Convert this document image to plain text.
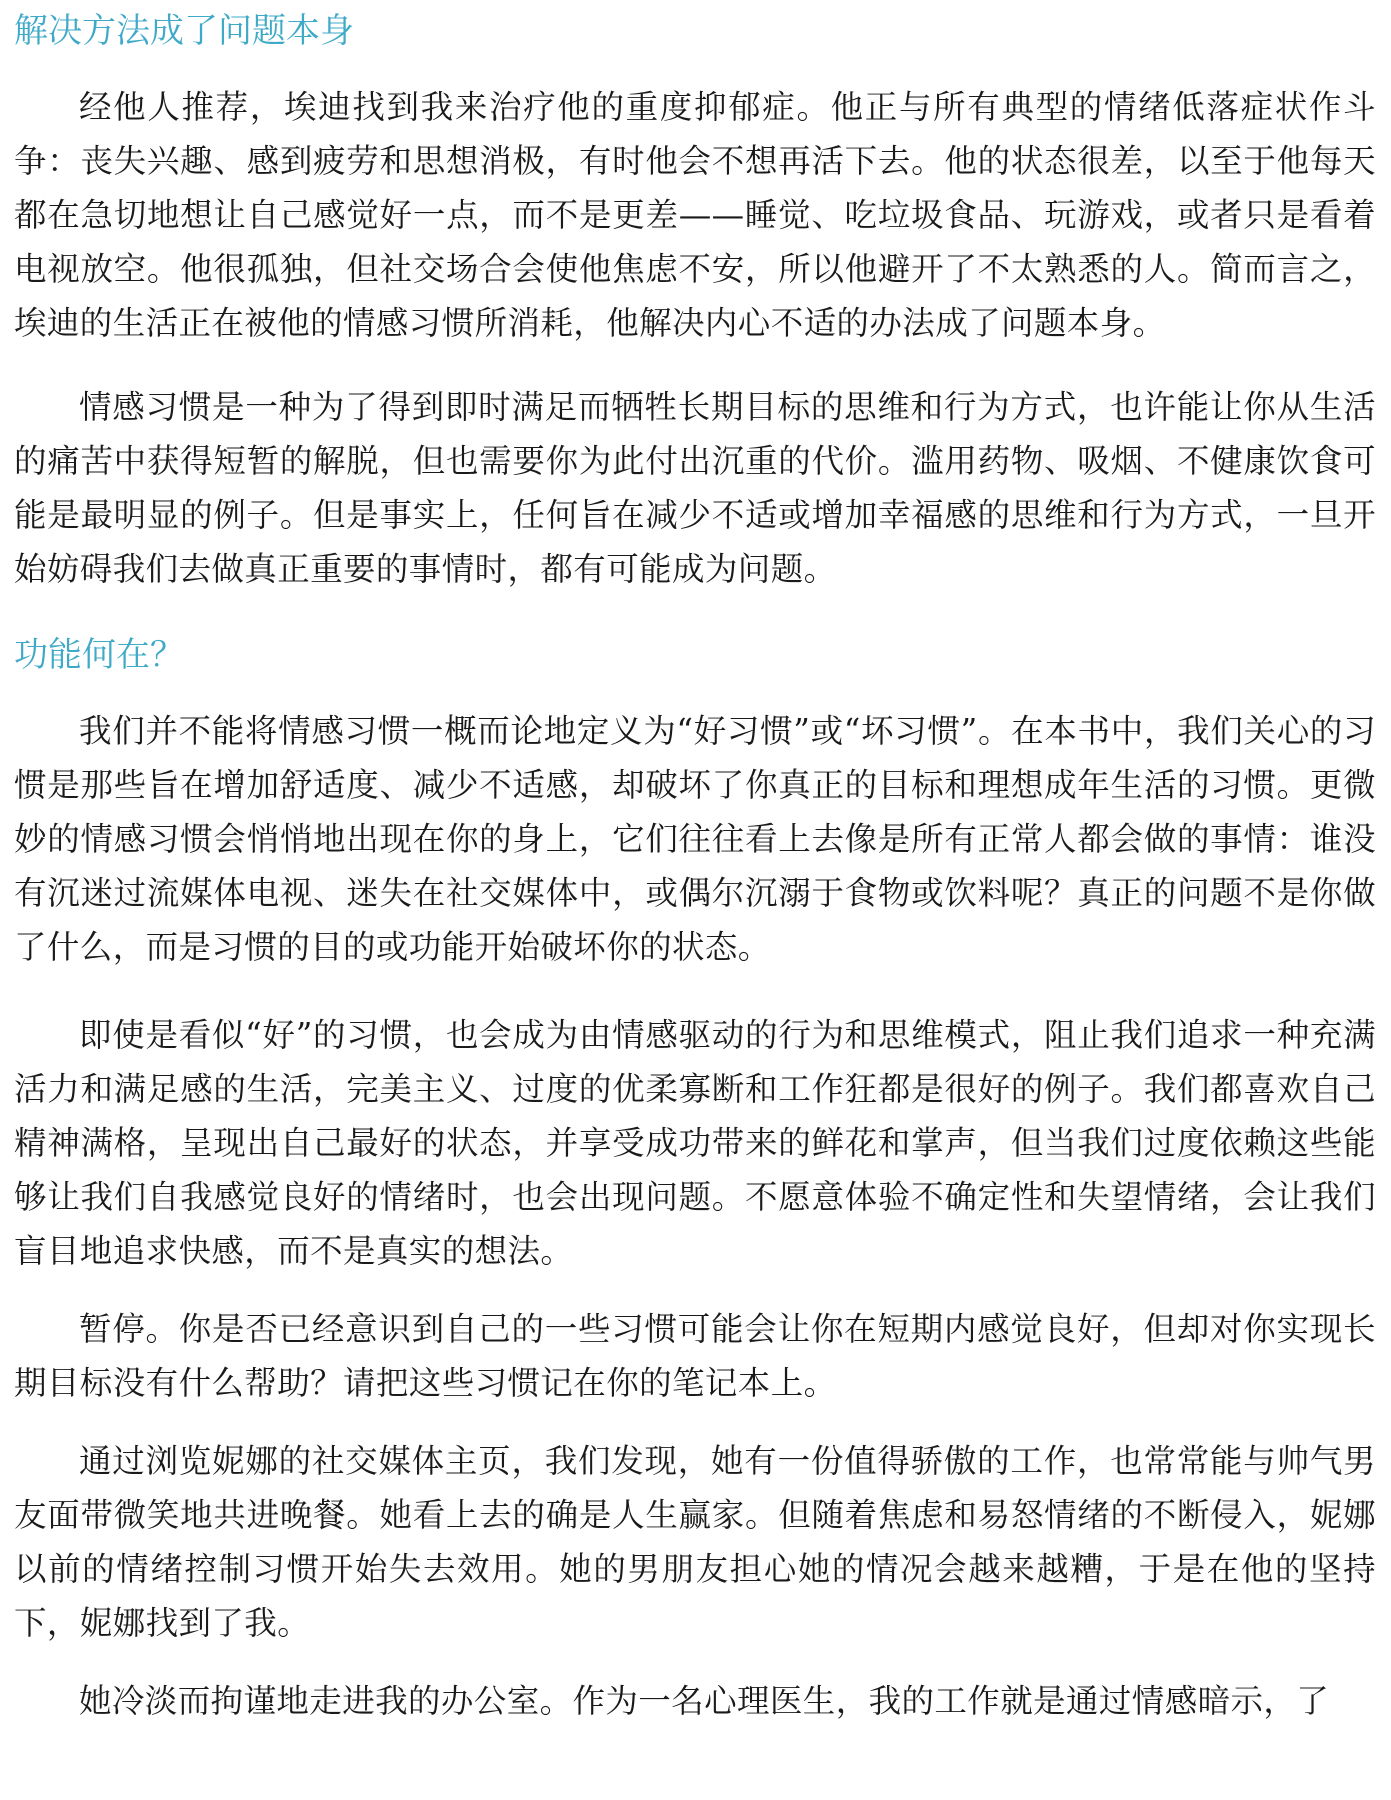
解决方法成了问题本身

经他人推荐，埃迪找到我来治疗他的重度抑郁症。他正与所有典型的情绪低落症状作斗争：丧失兴趣、感到疲劳和思想消极，有时他会不想再活下去。他的状态很差，以至于他每天都在急切地想让自己感觉好一点，而不是更差——睡觉、吃垃圾食品、玩游戏，或者只是看着电视放空。他很孤独，但社交场合会使他焦虑不安，所以他避开了不太熟悉的人。简而言之，埃迪的生活正在被他的情感习惯所消耗，他解决内心不适的办法成了问题本身。

情感习惯是一种为了得到即时满足而牺牲长期目标的思维和行为方式，也许能让你从生活的痛苦中获得短暂的解脱，但也需要你为此付出沉重的代价。滥用药物、吸烟、不健康饮食可能是最明显的例子。但是事实上，任何旨在减少不适或增加幸福感的思维和行为方式，一旦开始妨碍我们去做真正重要的事情时，都有可能成为问题。

功能何在？

我们并不能将情感习惯一概而论地定义为“好习惯”或“坏习惯”。在本书中，我们关心的习惯是那些旨在增加舒适度、减少不适感，却破坏了你真正的目标和理想成年生活的习惯。更微妙的情感习惯会悄悄地出现在你的身上，它们往往看上去像是所有正常人都会做的事情：谁没有沉迷过流媒体电视、迷失在社交媒体中，或偶尔沉溺于食物或饮料呢？真正的问题不是你做了什么，而是习惯的目的或功能开始破坏你的状态。

即使是看似“好”的习惯，也会成为由情感驱动的行为和思维模式，阻止我们追求一种充满活力和满足感的生活，完美主义、过度的优柔寡断和工作狂都是很好的例子。我们都喜欢自己精神满格，呈现出自己最好的状态，并享受成功带来的鲜花和掌声，但当我们过度依赖这些能够让我们自我感觉良好的情绪时，也会出现问题。不愿意体验不确定性和失望情绪，会让我们盲目地追求快感，而不是真实的想法。

暂停。你是否已经意识到自己的一些习惯可能会让你在短期内感觉良好，但却对你实现长期目标没有什么帮助？请把这些习惯记在你的笔记本上。

通过浏览妮娜的社交媒体主页，我们发现，她有一份值得骄傲的工作，也常常能与帅气男友面带微笑地共进晚餐。她看上去的确是人生赢家。但随着焦虑和易怒情绪的不断侵入，妮娜以前的情绪控制习惯开始失去效用。她的男朋友担心她的情况会越来越糟，于是在他的坚持下，妮娜找到了我。

她冷淡而拘谨地走进我的办公室。作为一名心理医生，我的工作就是通过情感暗示，了
